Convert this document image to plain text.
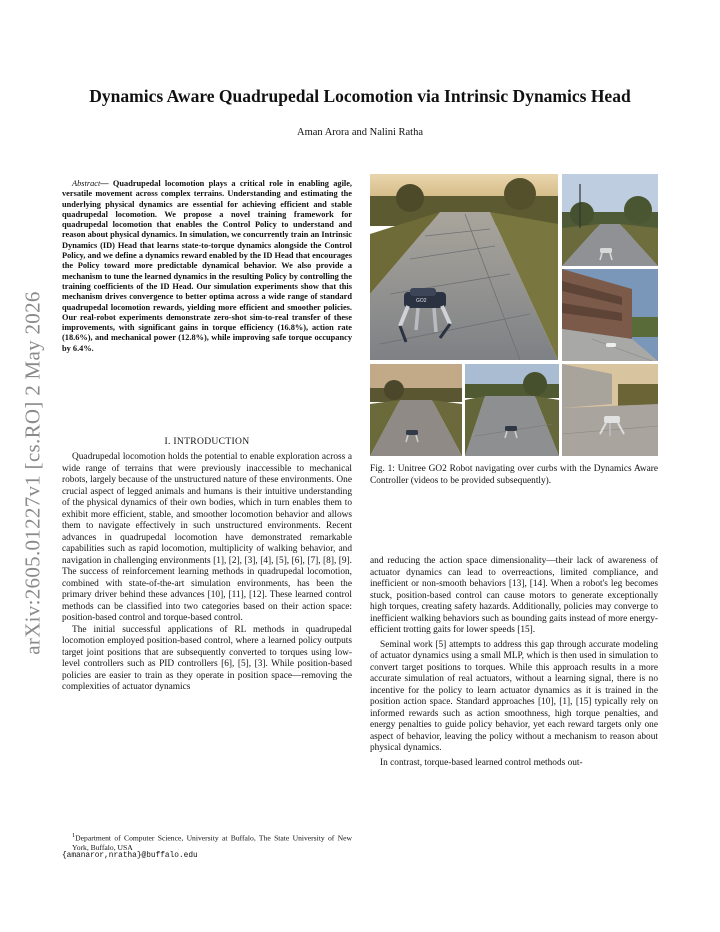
arXiv:2605.01227v1 [cs.RO] 2 May 2026
Dynamics Aware Quadrupedal Locomotion via Intrinsic Dynamics Head
Aman Arora and Nalini Ratha
Abstract— Quadrupedal locomotion plays a critical role in enabling agile, versatile movement across complex terrains. Understanding and estimating the underlying physical dynamics are essential for achieving efficient and stable quadrupedal locomotion. We propose a novel training framework for quadrupedal locomotion that enables the Control Policy to understand and reason about physical dynamics. In simulation, we concurrently train an Intrinsic Dynamics (ID) Head that learns state-to-torque dynamics alongside the Control Policy, and we define a dynamics reward enabled by the ID Head that encourages the Policy toward more predictable dynamical behavior. We also provide a mechanism to tune the learned dynamics in the resulting Policy by controlling the training coefficients of the ID Head. Our simulation experiments show that this mechanism drives convergence to better optima across a wide range of standard quadrupedal locomotion rewards, yielding more efficient and smoother policies. Our real-robot experiments demonstrate zero-shot sim-to-real transfer of these improvements, with significant gains in torque efficiency (16.8%), action rate (18.6%), and mechanical power (12.8%), while improving safe torque occupancy by 6.4%.
I. INTRODUCTION

Quadrupedal locomotion holds the potential to enable exploration across a wide range of terrains that were previously inaccessible to mechanical robots, largely because of the unstructured nature of these environments. One crucial aspect of legged animals and humans is their intuitive understanding of the physical dynamics of their own bodies, which in turn enables them to exhibit more efficient, stable, and smoother locomotion behavior and allows them to navigate effectively in such unstructured environments. Recent advances in quadrupedal locomotion have demonstrated remarkable capabilities such as rapid locomotion, multiplicity of walking behavior, and navigation in challenging environments [1], [2], [3], [4], [5], [6], [7], [8], [9]. The success of reinforcement learning methods in quadrupedal locomotion, combined with state-of-the-art simulation environments, has been the primary driver behind these advances [10], [11], [12]. These learned control methods can be classified into two categories based on their action space: position-based control and torque-based control.

The initial successful applications of RL methods in quadrupedal locomotion employed position-based control, where a learned policy outputs target joint positions that are subsequently converted to torques using low-level controllers such as PID controllers [6], [5], [3]. While position-based policies are easier to train as they operate in position space—removing the complexities of actuator dynamics

$^1$Department of Computer Science, University at Buffalo, The State University of New York, Buffalo, USA
{amanaror,nratha}@buffalo.edu
GO2
Fig. 1: Unitree GO2 Robot navigating over curbs with the Dynamics Aware Controller (videos to be provided subsequently).

and reducing the action space dimensionality—their lack of awareness of actuator dynamics can lead to overreactions, limited compliance, and inefficient or non-smooth behaviors [13], [14]. When a robot's leg becomes stuck, position-based control can cause motors to generate exceptionally high torques, creating safety hazards. Additionally, policies may converge to inefficient walking behaviors such as bounding gaits instead of more energy-efficient trotting gaits for lower speeds [15].

Seminal work [5] attempts to address this gap through accurate modeling of actuator dynamics using a small MLP, which is then used in simulation to convert target positions to torques. While this approach results in a more accurate simulation of real actuators, without a learning signal, there is no incentive for the policy to learn actuator dynamics as it is trained in the position action space. Standard approaches [10], [1], [15] typically rely on informed rewards such as action smoothness, high torque penalties, and energy penalties to guide policy behavior, yet each reward targets only one aspect of behavior, leaving the policy without a mechanism to reason about physical dynamics.

In contrast, torque-based learned control methods out-
